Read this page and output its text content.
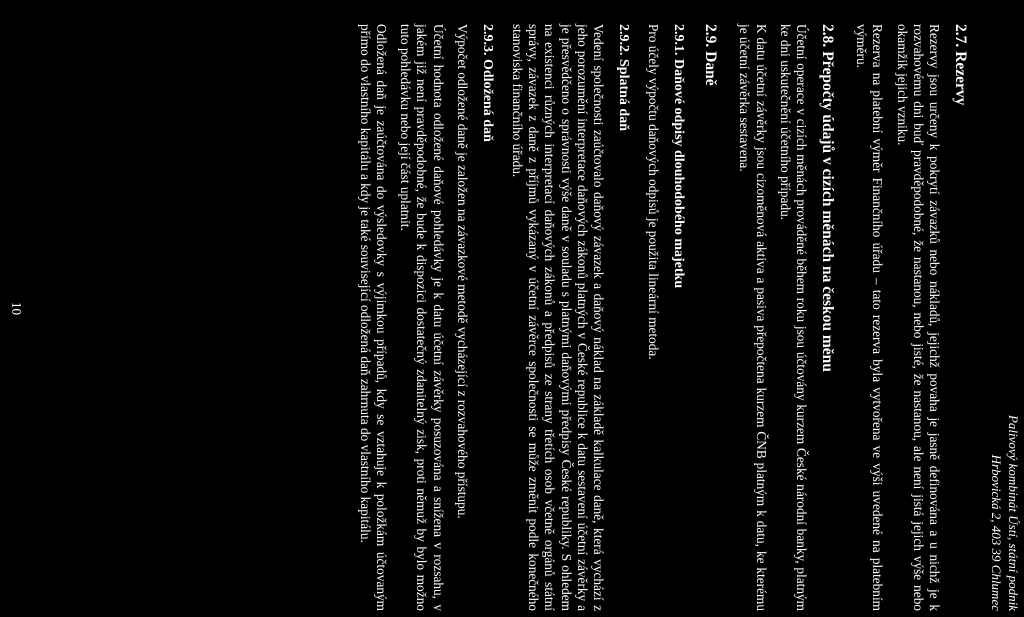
Palivový kombinát Ústí, státní podnik
Hrbovická 2, 403 39 Chlumec
2.7. Rezervy

Rezervy jsou určeny k pokrytí závazků nebo nákladů, jejichž povaha je jasně definována a u nichž je k rozvahovému dni buď pravděpodobné, že nastanou, nebo jisté, že nastanou, ale není jistá jejich výše nebo okamžik jejich vzniku.

Rezerva na platební výměr Finančního úřadu – tato rezerva byla vytvořena ve výši uvedené na platebním výměru.

2.8. Přepočty údajů v cizích měnách na českou měnu

Účetní operace v cizích měnách prováděné během roku jsou účtovány kurzem České národní banky, platným ke dni uskutečnění účetního případu.

K datu účetní závěrky jsou cizoměnová aktiva a pasiva přepočtena kurzem ČNB platným k datu, ke kterému je účetní závěrka sestavena.

2.9. Daně
2.9.1. Daňové odpisy dlouhodobého majetku

Pro účely výpočtu daňových odpisů je použita lineární metoda.

2.9.2. Splatná daň

Vedení společnosti zaúčtovalo daňový závazek a daňový náklad na základě kalkulace daně, která vychází z jeho porozumění interpretace daňových zákonů platných v České republice k datu sestavení účetní závěrky a je přesvědčeno o správnosti výše daně v souladu s platnými daňovými předpisy České republiky. S ohledem na existenci různých interpretací daňových zákonů a předpisů ze strany třetích osob včetně orgánů státní správy, závazek z daně z příjmů vykázaný v účetní závěrce společnosti se může změnit podle konečného stanoviska finančního úřadu.

2.9.3. Odložená daň

Výpočet odložené daně je založen na závazkové metodě vycházející z rozvahového přístupu.

Účetní hodnota odložené daňové pohledávky je k datu účetní závěrky posuzována a snížena v rozsahu, v jakém již není pravděpodobné, že bude k dispozici dostatečný zdanitelný zisk, proti němuž by bylo možno tuto pohledávku nebo její část uplatnit.

Odložená daň je zaúčtována do výsledovky s výjimkou případů, kdy se vztahuje k položkám účtovaným přímo do vlastního kapitálu a kdy je také související odložená daň zahrnuta do vlastního kapitálu.

10
